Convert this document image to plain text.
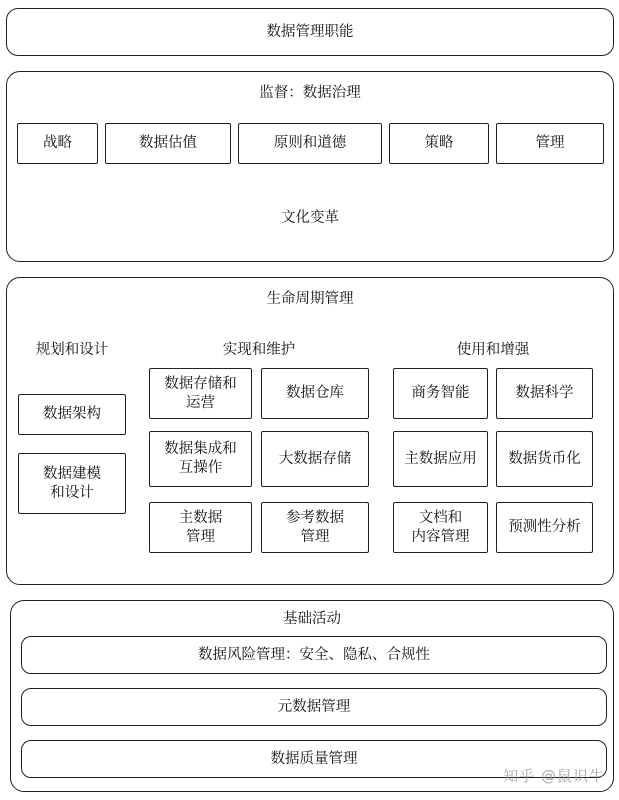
数据管理职能
监督：数据治理
战略	数据估值	原则和道德	策略	管理
文化变革
生命周期管理
规划和设计
数据架构
数据建模
和设计
实现和维护
数据存储和
运营
数据仓库
数据集成和
互操作
大数据存储
主数据
管理
参考数据
管理
使用和增强
商务智能	数据科学
主数据应用 数据货币化
文档和
内容管理
预测性分析
基础活动
数据风险管理：安全、隐私、合规性
元数据管理
数据质量管理
知乎 @鼠识牛
